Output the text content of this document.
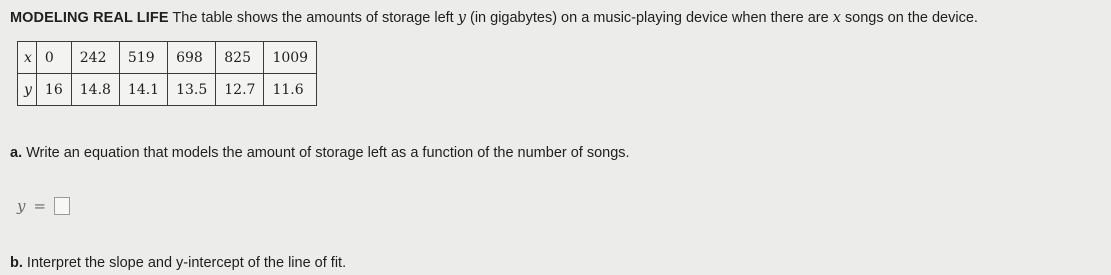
MODELING REAL LIFE The table shows the amounts of storage left y (in gigabytes) on a music-playing device when there are x songs on the device.
x	0	242	519	698	825	1009
y	16	14.8	14.1	13.5	12.7	11.6
a. Write an equation that models the amount of storage left as a function of the number of songs.
y =
b. Interpret the slope and y-intercept of the line of fit.
